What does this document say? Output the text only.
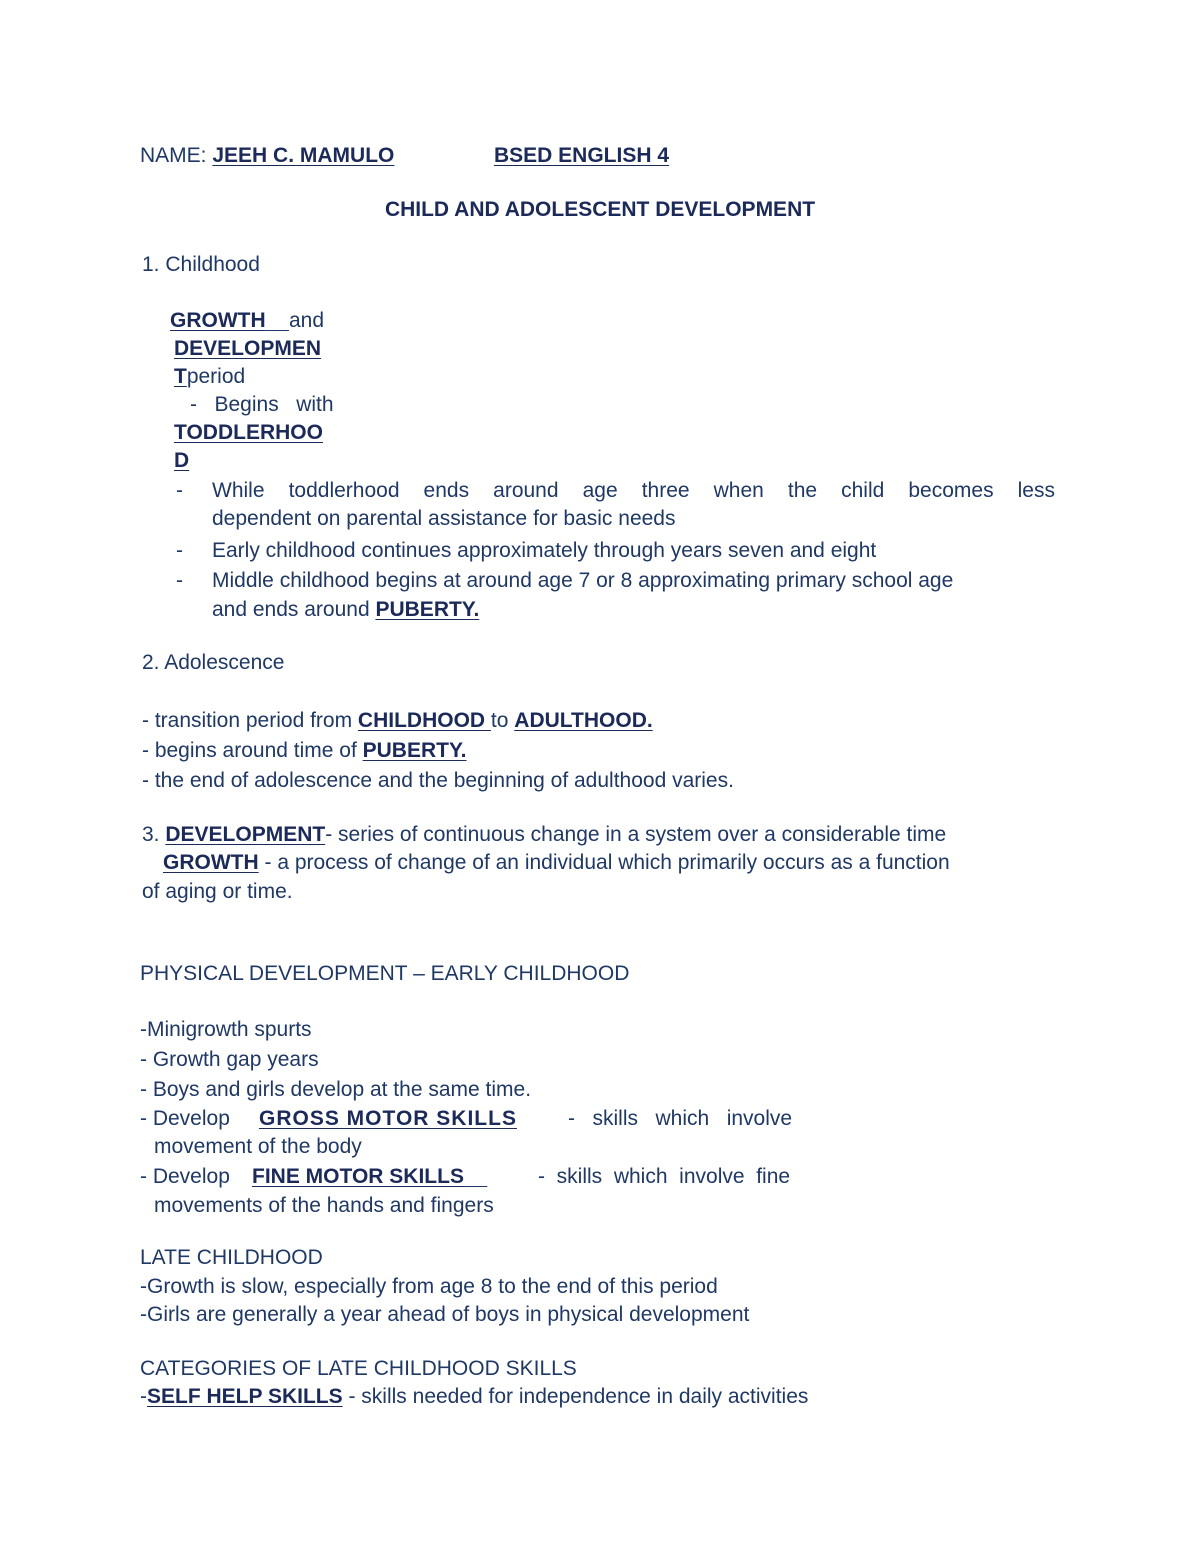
NAME: JEEH C. MAMULO	BSED ENGLISH 4
CHILD AND ADOLESCENT DEVELOPMENT
1. Childhood
GROWTH and
DEVELOPMEN
Tperiod
-   Begins   with
TODDLERHOO
D
- While toddlerhood ends around age three when the child becomes less
dependent on parental assistance for basic needs
- Early childhood continues approximately through years seven and eight
- Middle childhood begins at around age 7 or 8 approximating primary school age
and ends around PUBERTY.
2. Adolescence
- transition period from CHILDHOOD to ADULTHOOD.
- begins around time of PUBERTY.
- the end of adolescence and the beginning of adulthood varies.
3. DEVELOPMENT- series of continuous change in a system over a considerable time
GROWTH - a process of change of an individual which primarily occurs as a function
of aging or time.
PHYSICAL DEVELOPMENT – EARLY CHILDHOOD
-Minigrowth spurts
- Growth gap years
- Boys and girls develop at the same time.
- Develop GROSS MOTOR SKILLS -   skills   which   involve
movement of the body
- Develop FINE MOTOR SKILLS	-  skills  which  involve  fine
movements of the hands and fingers
LATE CHILDHOOD
-Growth is slow, especially from age 8 to the end of this period
-Girls are generally a year ahead of boys in physical development
CATEGORIES OF LATE CHILDHOOD SKILLS
-SELF HELP SKILLS - skills needed for independence in daily activities
